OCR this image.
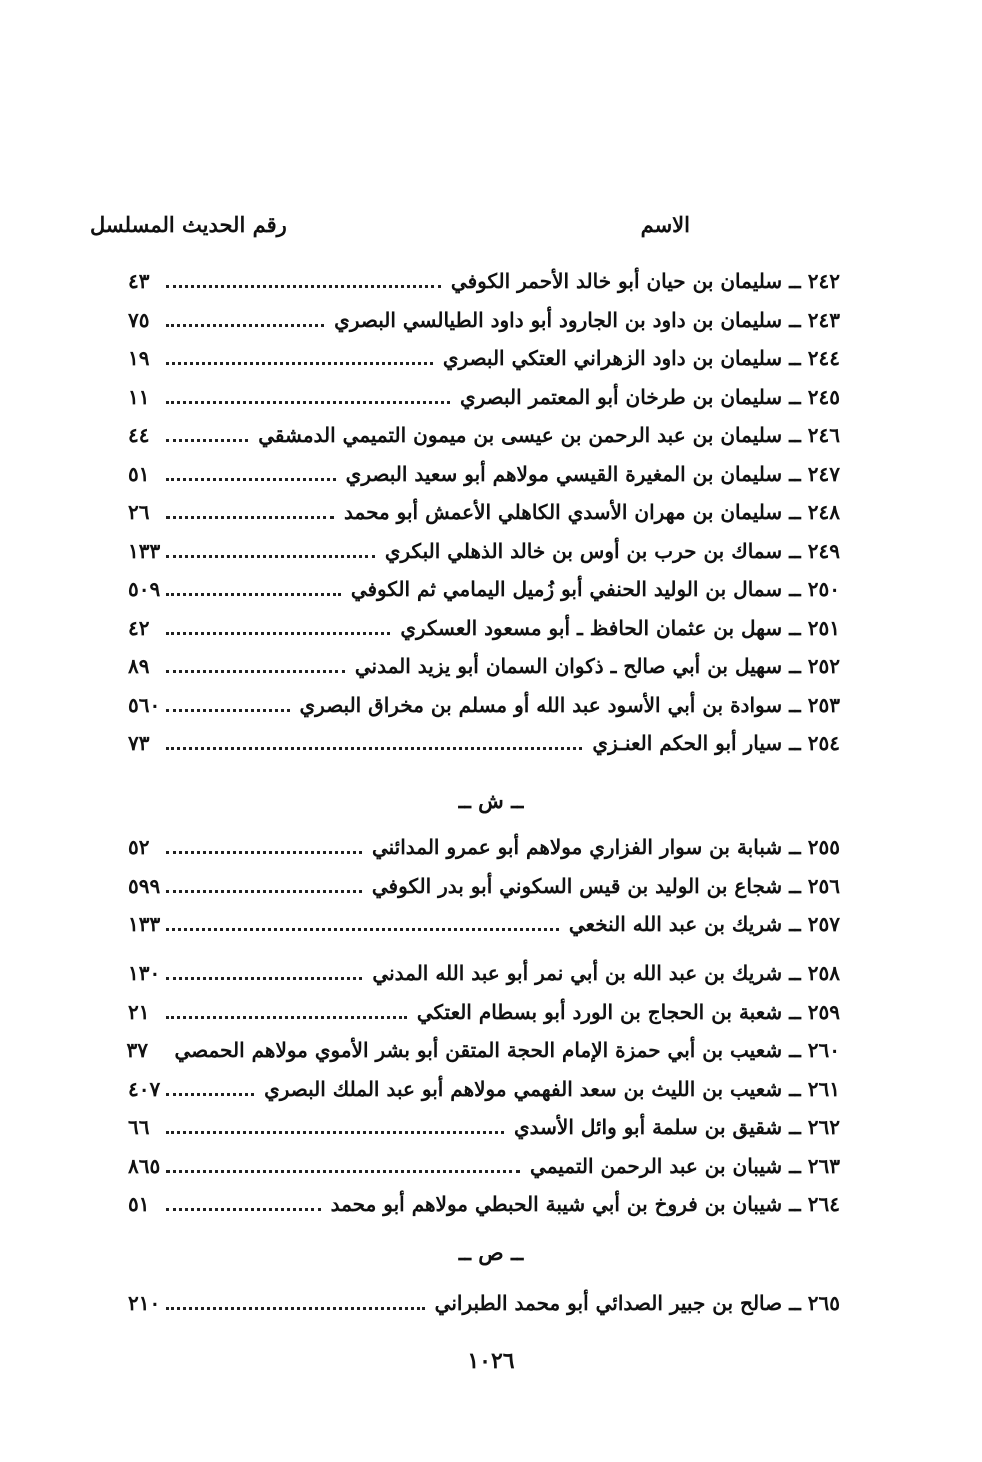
الاسم
رقم الحديث المسلسل
٢٤٢ ــ سليمان بن حيان أبو خالد الأحمر الكوفي
٤٣
٢٤٣ ــ سليمان بن داود بن الجارود أبو داود الطيالسي البصري
٧٥
٢٤٤ ــ سليمان بن داود الزهراني العتكي البصري
١٩
٢٤٥ ــ سليمان بن طرخان أبو المعتمر البصري
١١
٢٤٦ ــ سليمان بن عبد الرحمن بن عيسى بن ميمون التميمي الدمشقي
٤٤
٢٤٧ ــ سليمان بن المغيرة القيسي مولاهم أبو سعيد البصري
٥١
٢٤٨ ــ سليمان بن مهران الأسدي الكاهلي الأعمش أبو محمد
٢٦
٢٤٩ ــ سماك بن حرب بن أوس بن خالد الذهلي البكري
١٣٣
٢٥٠ ــ سمال بن الوليد الحنفي أبو زُميل اليمامي ثم الكوفي
٥٠٩
٢٥١ ــ سهل بن عثمان الحافظ ـ أبو مسعود العسكري
٤٢
٢٥٢ ــ سهيل بن أبي صالح ـ ذكوان السمان أبو يزيد المدني
٨٩
٢٥٣ ــ سوادة بن أبي الأسود عبد الله أو مسلم بن مخراق البصري
٥٦٠
٢٥٤ ــ سيار أبو الحكم العنـزي
٧٣
ــ ش ــ
٢٥٥ ــ شبابة بن سوار الفزاري مولاهم أبو عمرو المدائني
٥٢
٢٥٦ ــ شجاع بن الوليد بن قيس السكوني أبو بدر الكوفي
٥٩٩
٢٥٧ ــ شريك بن عبد الله النخعي
١٣٣
٢٥٨ ــ شريك بن عبد الله بن أبي نمر أبو عبد الله المدني
١٣٠
٢٥٩ ــ شعبة بن الحجاج بن الورد أبو بسطام العتكي
٢١
٢٦٠ ــ شعيب بن أبي حمزة الإمام الحجة المتقن أبو بشر الأموي مولاهم الحمصي
٣٧
٢٦١ ــ شعيب بن الليث بن سعد الفهمي مولاهم أبو عبد الملك البصري
٤٠٧
٢٦٢ ــ شقيق بن سلمة أبو وائل الأسدي
٦٦
٢٦٣ ــ شيبان بن عبد الرحمن التميمي
٨٦٥
٢٦٤ ــ شيبان بن فروخ بن أبي شيبة الحبطي مولاهم أبو محمد
٥١
ــ ص ــ
٢٦٥ ــ صالح بن جبير الصدائي أبو محمد الطبراني
٢١٠
١٠٢٦
